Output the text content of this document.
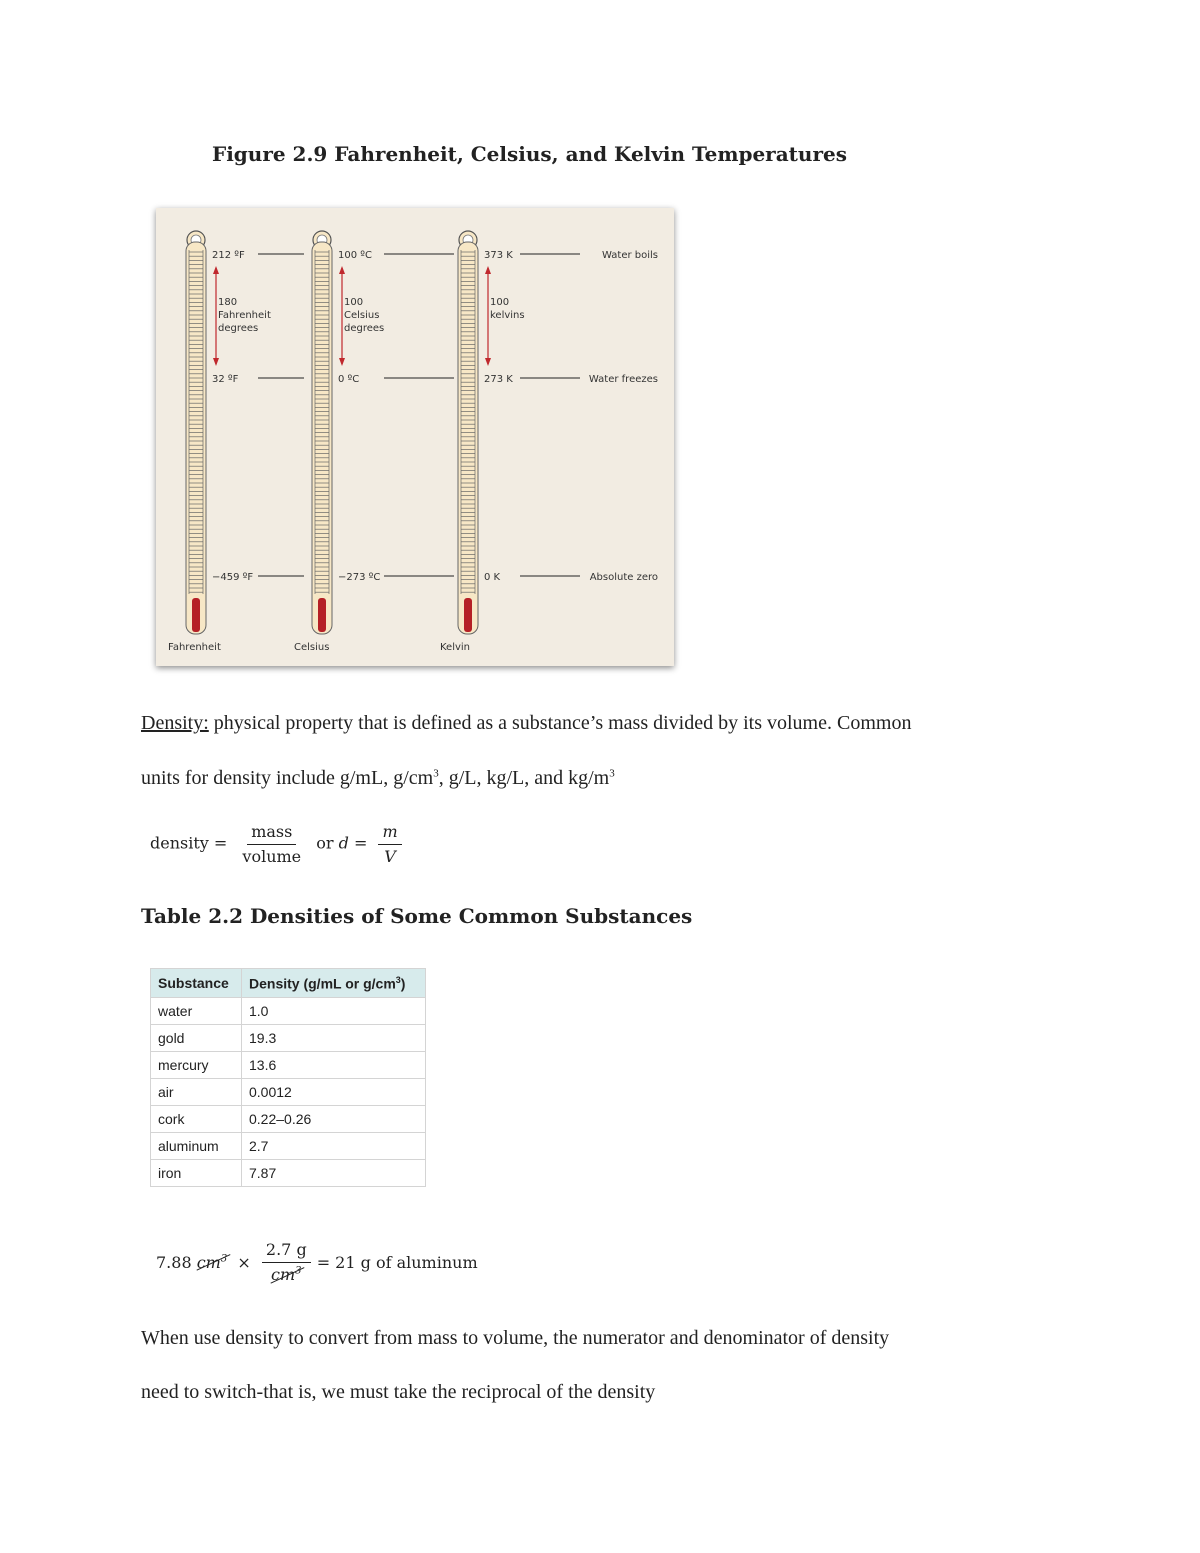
Figure 2.9 Fahrenheit, Celsius, and Kelvin Temperatures
212 ºF
32 ºF
−459 ºF
180
Fahrenheit
degrees
Fahrenheit
100 ºC
0 ºC
−273 ºC
100
Celsius
degrees
Celsius
373 K
273 K
0 K
100
kelvins
Kelvin
Water boils
Water freezes
Absolute zero
Density: physical property that is defined as a substance’s mass divided by its volume. Common
units for density include g/mL, $g/cm^3$, g/L, kg/L, and $kg/m^3$
density = $\frac{\text{mass}}{\text{volume}}$ or $d = \frac{m}{V}$
Table 2.2 Densities of Some Common Substances
Substance	Density (g/mL or $g/cm^3$)
water	1.0
gold	19.3
mercury	13.6
air	0.0012
cork	0.22–0.26
aluminum	2.7
iron	7.87
7.88
$cm^3$
×
$\frac{2.7 g}{cm^3} = 21$ g of aluminum
When use density to convert from mass to volume, the numerator and denominator of density
need to switch-that is, we must take the reciprocal of the density
